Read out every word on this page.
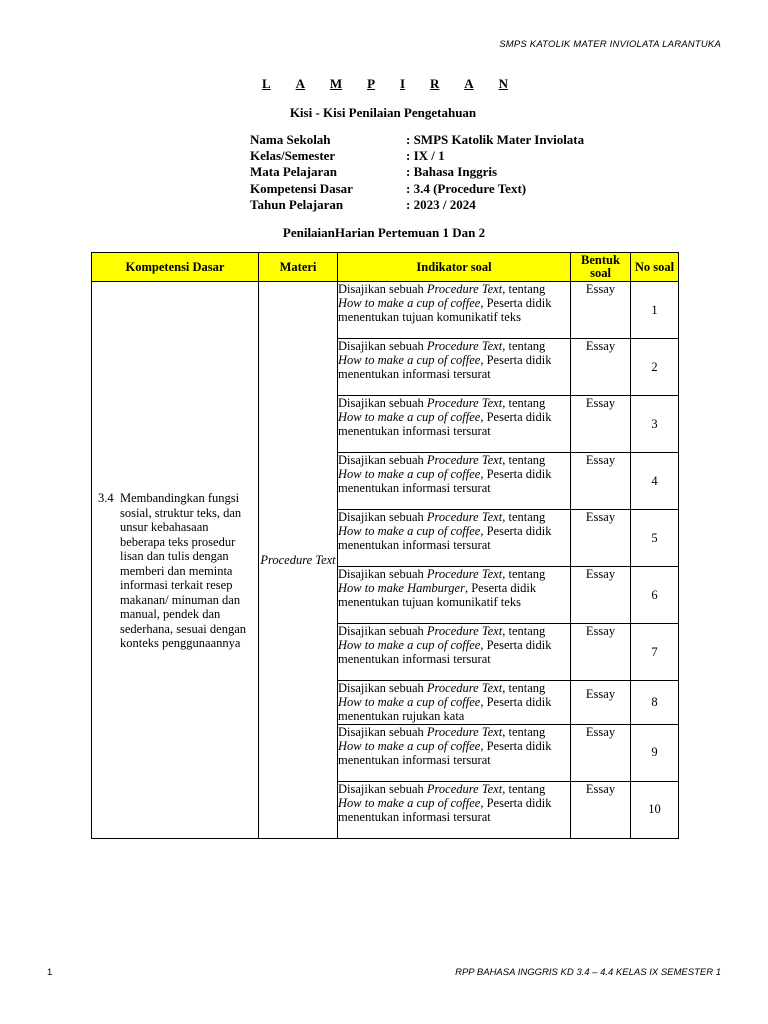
SMPS KATOLIK MATER INVIOLATA LARANTUKA
L A M P I R A N
Kisi - Kisi Penilaian Pengetahuan
Nama Sekolah	: SMPS Katolik Mater Inviolata
Kelas/Semester	: IX / 1
Mata Pelajaran	: Bahasa Inggris
Kompetensi Dasar	: 3.4 (Procedure Text)
Tahun Pelajaran	: 2023 / 2024
PenilaianHarian Pertemuan 1 Dan 2
Kompetensi Dasar	Materi	Indikator soal	Bentuk soal	No soal

3.4 Membandingkan fungsi sosial, struktur teks, dan unsur kebahasaan beberapa teks prosedur lisan dan tulis dengan memberi dan meminta informasi terkait resep makanan/ minuman dan manual, pendek dan sederhana, sesuai dengan konteks penggunaannya	Procedure Text	Disajikan sebuah Procedure Text, tentang How to make a cup of coffee, Peserta didik menentukan tujuan komunikatif teks	Essay	1
		Disajikan sebuah Procedure Text, tentang How to make a cup of coffee, Peserta didik menentukan informasi tersurat	Essay	2
		Disajikan sebuah Procedure Text, tentang How to make a cup of coffee, Peserta didik menentukan informasi tersurat	Essay	3
		Disajikan sebuah Procedure Text, tentang How to make a cup of coffee, Peserta didik menentukan informasi tersurat	Essay	4
		Disajikan sebuah Procedure Text, tentang How to make a cup of coffee, Peserta didik menentukan informasi tersurat	Essay	5
		Disajikan sebuah Procedure Text, tentang How to make Hamburger, Peserta didik menentukan tujuan komunikatif teks	Essay	6
		Disajikan sebuah Procedure Text, tentang How to make a cup of coffee, Peserta didik menentukan informasi tersurat	Essay	7
		Disajikan sebuah Procedure Text, tentang How to make a cup of coffee, Peserta didik menentukan rujukan kata	Essay	8
		Disajikan sebuah Procedure Text, tentang How to make a cup of coffee, Peserta didik menentukan informasi tersurat	Essay	9
		Disajikan sebuah Procedure Text, tentang How to make a cup of coffee, Peserta didik menentukan informasi tersurat	Essay	10
1	RPP BAHASA INGGRIS KD 3.4 – 4.4 KELAS IX SEMESTER 1
